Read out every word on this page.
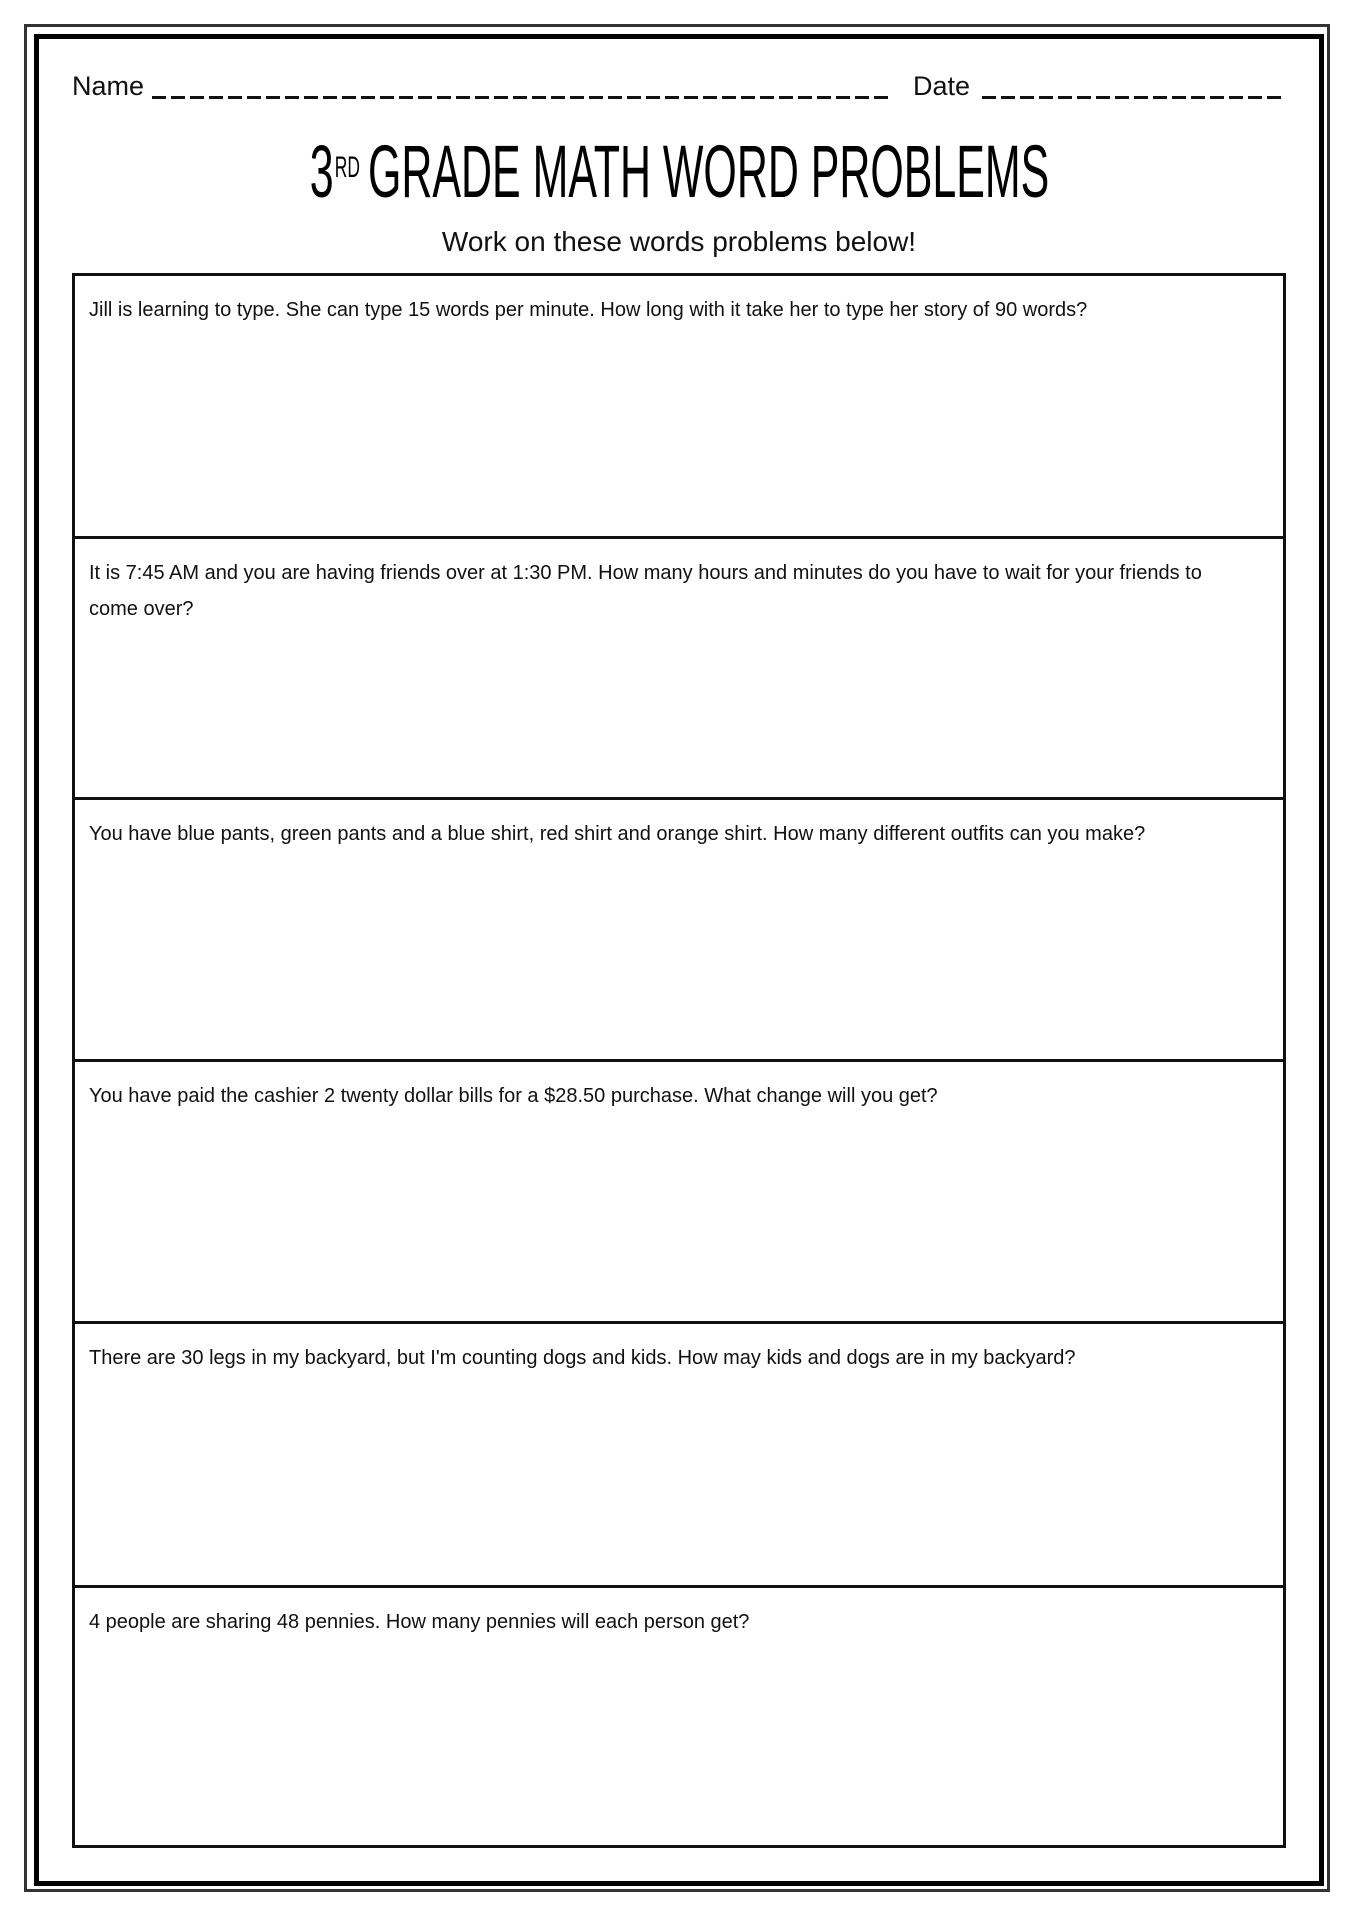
Name	Date
3RD GRADE MATH WORD PROBLEMS
Work on these words problems below!
Jill is learning to type. She can type 15 words per minute. How long with it take her to type her story of 90 words?
It is 7:45 AM and you are having friends over at 1:30 PM. How many hours and minutes do you have to wait for your friends to come over?
You have blue pants, green pants and a blue shirt, red shirt and orange shirt. How many different outfits can you make?
You have paid the cashier 2 twenty dollar bills for a $28.50 purchase. What change will you get?
There are 30 legs in my backyard, but I'm counting dogs and kids. How may kids and dogs are in my backyard?
4 people are sharing 48 pennies. How many pennies will each person get?
